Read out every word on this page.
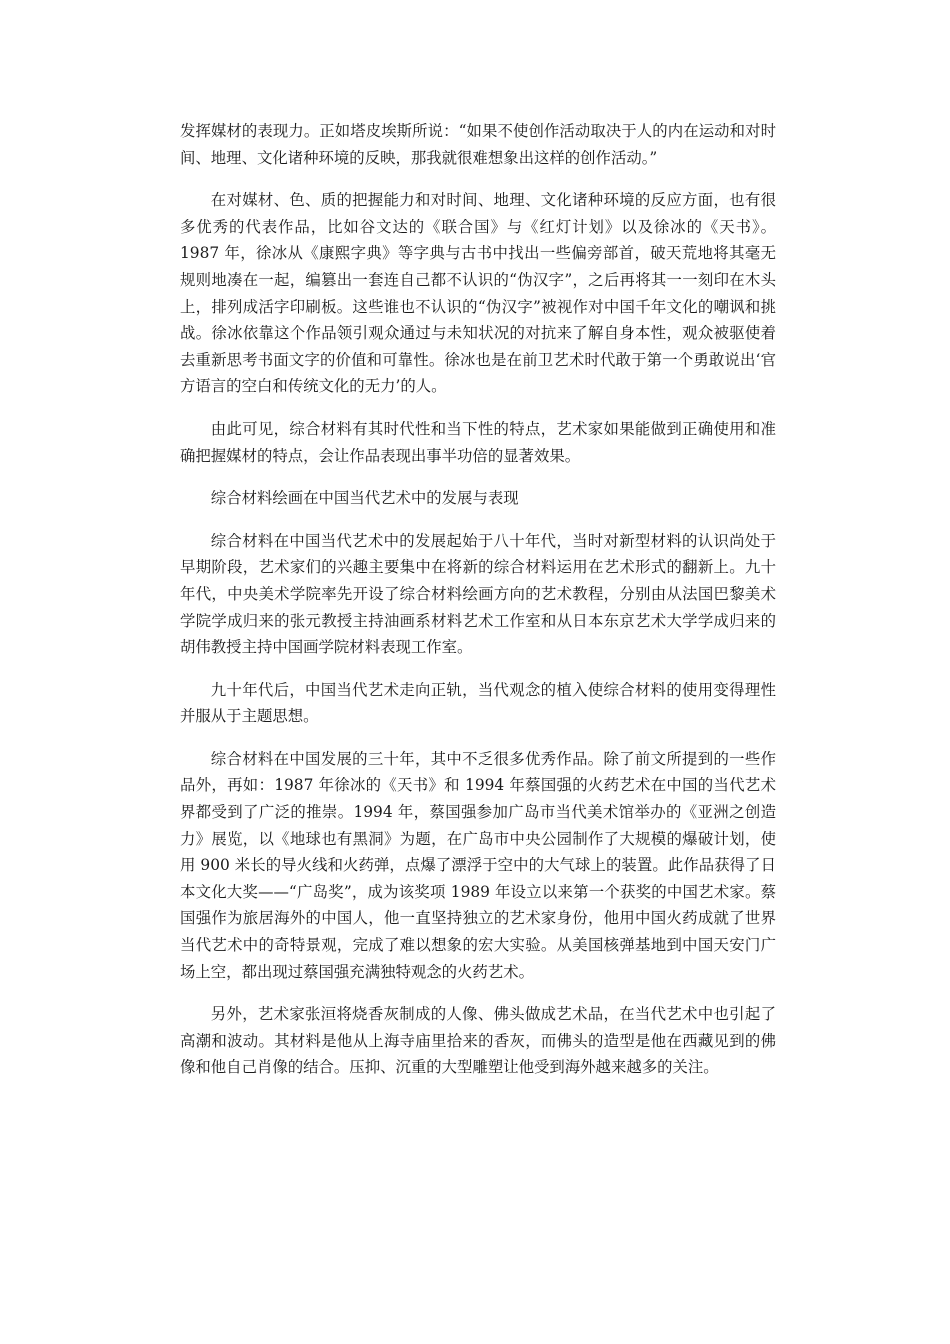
发挥媒材的表现力。正如塔皮埃斯所说：“如果不使创作活动取决于人的内在运动和对时间、地理、文化诸种环境的反映，那我就很难想象出这样的创作活动。”

在对媒材、色、质的把握能力和对时间、地理、文化诸种环境的反应方面，也有很多优秀的代表作品，比如谷文达的《联合国》与《红灯计划》以及徐冰的《天书》。1987 年，徐冰从《康熙字典》等字典与古书中找出一些偏旁部首，破天荒地将其毫无规则地凑在一起，编篡出一套连自己都不认识的“伪汉字”，之后再将其一一刻印在木头上，排列成活字印刷板。这些谁也不认识的“伪汉字”被视作对中国千年文化的嘲讽和挑战。徐冰依靠这个作品领引观众通过与未知状况的对抗来了解自身本性，观众被驱使着去重新思考书面文字的价值和可靠性。徐冰也是在前卫艺术时代敢于第一个勇敢说出‘官方语言的空白和传统文化的无力’的人。

由此可见，综合材料有其时代性和当下性的特点，艺术家如果能做到正确使用和准确把握媒材的特点，会让作品表现出事半功倍的显著效果。

综合材料绘画在中国当代艺术中的发展与表现

综合材料在中国当代艺术中的发展起始于八十年代，当时对新型材料的认识尚处于早期阶段，艺术家们的兴趣主要集中在将新的综合材料运用在艺术形式的翻新上。九十年代，中央美术学院率先开设了综合材料绘画方向的艺术教程，分别由从法国巴黎美术学院学成归来的张元教授主持油画系材料艺术工作室和从日本东京艺术大学学成归来的胡伟教授主持中国画学院材料表现工作室。

九十年代后，中国当代艺术走向正轨，当代观念的植入使综合材料的使用变得理性并服从于主题思想。

综合材料在中国发展的三十年，其中不乏很多优秀作品。除了前文所提到的一些作品外，再如：1987 年徐冰的《天书》和 1994 年蔡国强的火药艺术在中国的当代艺术界都受到了广泛的推崇。1994 年，蔡国强参加广岛市当代美术馆举办的《亚洲之创造力》展览，以《地球也有黑洞》为题，在广岛市中央公园制作了大规模的爆破计划，使用 900 米长的导火线和火药弹，点爆了漂浮于空中的大气球上的装置。此作品获得了日本文化大奖——“广岛奖”，成为该奖项 1989 年设立以来第一个获奖的中国艺术家。蔡国强作为旅居海外的中国人，他一直坚持独立的艺术家身份，他用中国火药成就了世界当代艺术中的奇特景观，完成了难以想象的宏大实验。从美国核弹基地到中国天安门广场上空，都出现过蔡国强充满独特观念的火药艺术。

另外，艺术家张洹将烧香灰制成的人像、佛头做成艺术品，在当代艺术中也引起了高潮和波动。其材料是他从上海寺庙里拾来的香灰，而佛头的造型是他在西藏见到的佛像和他自己肖像的结合。压抑、沉重的大型雕塑让他受到海外越来越多的关注。
